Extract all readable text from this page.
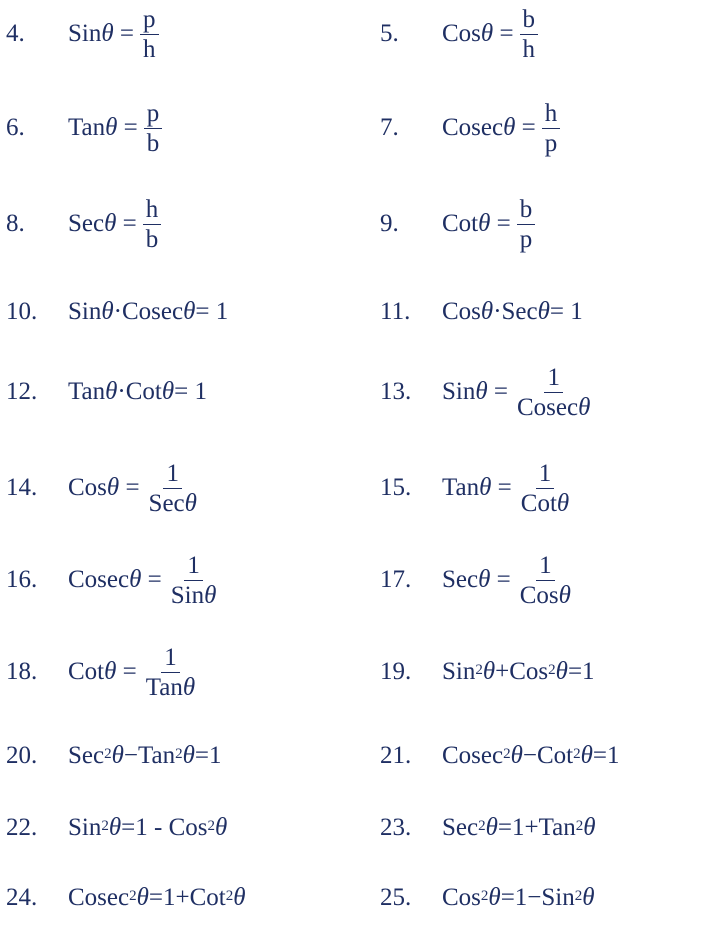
4.	$Sin\theta = \frac{p}{h}$	5.	$Cos\theta = \frac{b}{h}$
6.	$Tan\theta = \frac{p}{b}$	7.	$Cosec\theta = \frac{h}{p}$
8.	$Sec\theta = \frac{h}{b}$	9.	$Cot\theta = \frac{b}{p}$
10.	Sin θ ·Cosec θ = 1	11.	Cos θ ·Sec θ = 1
12.	Tan θ ·Cot θ = 1	13.	$Sin\theta = \frac{1}{Cosec\theta}$
14.	$Cos\theta = \frac{1}{\text{Secθ}}$	15.	$Tan\theta = \frac{1}{\text{Cotθ}}$
16.	$Cosec\theta = \frac{1}{\text{Sinθ}}$	17.	$Sec\theta = \frac{1}{\text{Cosθ}}$
18.	$Cot\theta = \frac{1}{\text{Tanθ}}$	19.	Sin$^2$ θ +Cos$^2$ θ =1
20.	Sec$^2$ θ −Tan$^2$ θ =1	21.	Cosec$^2$ θ −Cot$^2$ θ =1
22.	Sin$^2$ θ =1 - Cos$^2$ θ	23.	Sec$^2$ θ =1+Tan$^2$ θ
24.	Cosec$^2$ θ =1+Cot$^2$ θ	25.	Cos$^2$ θ =1−Sin$^2$ θ
